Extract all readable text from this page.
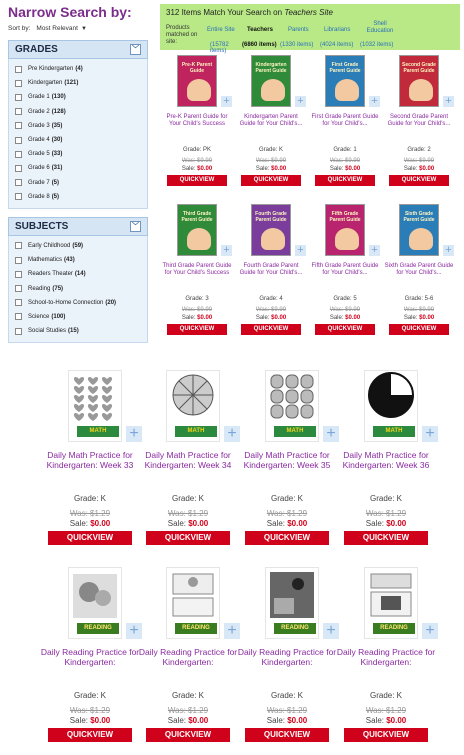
Narrow Search by:
Sort by: Most Relevant ▼
GRADES	﹀
Pre Kindergarten (4)
Kindergarten (121)
Grade 1 (130)
Grade 2 (128)
Grade 3 (35)
Grade 4 (30)
Grade 5 (33)
Grade 6 (31)
Grade 7 (5)
Grade 8 (5)
SUBJECTS	﹀
Early Childhood (59)
Mathematics (43)
Readers Theater (14)
Reading (75)
School-to-Home Connection (20)
Science (100)
Social Studies (15)
312 Items Match Your Search on Teachers Site
Products matched on site:
Entire Site
(15782 items)
Teachers
(6860 items)
Parents
(1330 items)
Librarians
(4024 items)
Shell Education
(1032 items)
Pre-K Parent Guide
+
Pre-K Parent Guide for Your Child's Success
Grade: PK
Was: $9.99
Sale: $0.00
QUICKVIEW
Kindergarten Parent Guide
+
Kindergarten Parent Guide for Your Child's...
Grade: K
Was: $9.99
Sale: $0.00
QUICKVIEW
First Grade Parent Guide
+
First Grade Parent Guide for Your Child's...
Grade: 1
Was: $9.99
Sale: $0.00
QUICKVIEW
Second Grade Parent Guide
+
Second Grade Parent Guide for Your Child's...
Grade: 2
Was: $9.99
Sale: $0.00
QUICKVIEW
Third Grade Parent Guide
+
Third Grade Parent Guide for Your Child's Success
Grade: 3
Was: $9.99
Sale: $0.00
QUICKVIEW
Fourth Grade Parent Guide
+
Fourth Grade Parent Guide for Your Child's...
Grade: 4
Was: $9.99
Sale: $0.00
QUICKVIEW
Fifth Grade Parent Guide
+
Fifth Grade Parent Guide for Your Child's...
Grade: 5
Was: $9.99
Sale: $0.00
QUICKVIEW
Sixth Grade Parent Guide
+
Sixth Grade Parent Guide for Your Child's...
Grade: 5-6
Was: $9.99
Sale: $0.00
QUICKVIEW
MATH	+
Daily Math Practice for Kindergarten: Week 33
Grade: K
Was: $1.29
Sale: $0.00
QUICKVIEW
MATH	+
Daily Math Practice for Kindergarten: Week 34
Grade: K
Was: $1.29
Sale: $0.00
QUICKVIEW
MATH	+
Daily Math Practice for Kindergarten: Week 35
Grade: K
Was: $1.29
Sale: $0.00
QUICKVIEW
MATH	+
Daily Math Practice for Kindergarten: Week 36
Grade: K
Was: $1.29
Sale: $0.00
QUICKVIEW
READING	+
Daily Reading Practice for Kindergarten:
Grade: K
Was: $1.29
Sale: $0.00
QUICKVIEW
READING	+
Daily Reading Practice for Kindergarten:
Grade: K
Was: $1.29
Sale: $0.00
QUICKVIEW
READING	+
Daily Reading Practice for Kindergarten:
Grade: K
Was: $1.29
Sale: $0.00
QUICKVIEW
READING	+
Daily Reading Practice for Kindergarten:
Grade: K
Was: $1.29
Sale: $0.00
QUICKVIEW
